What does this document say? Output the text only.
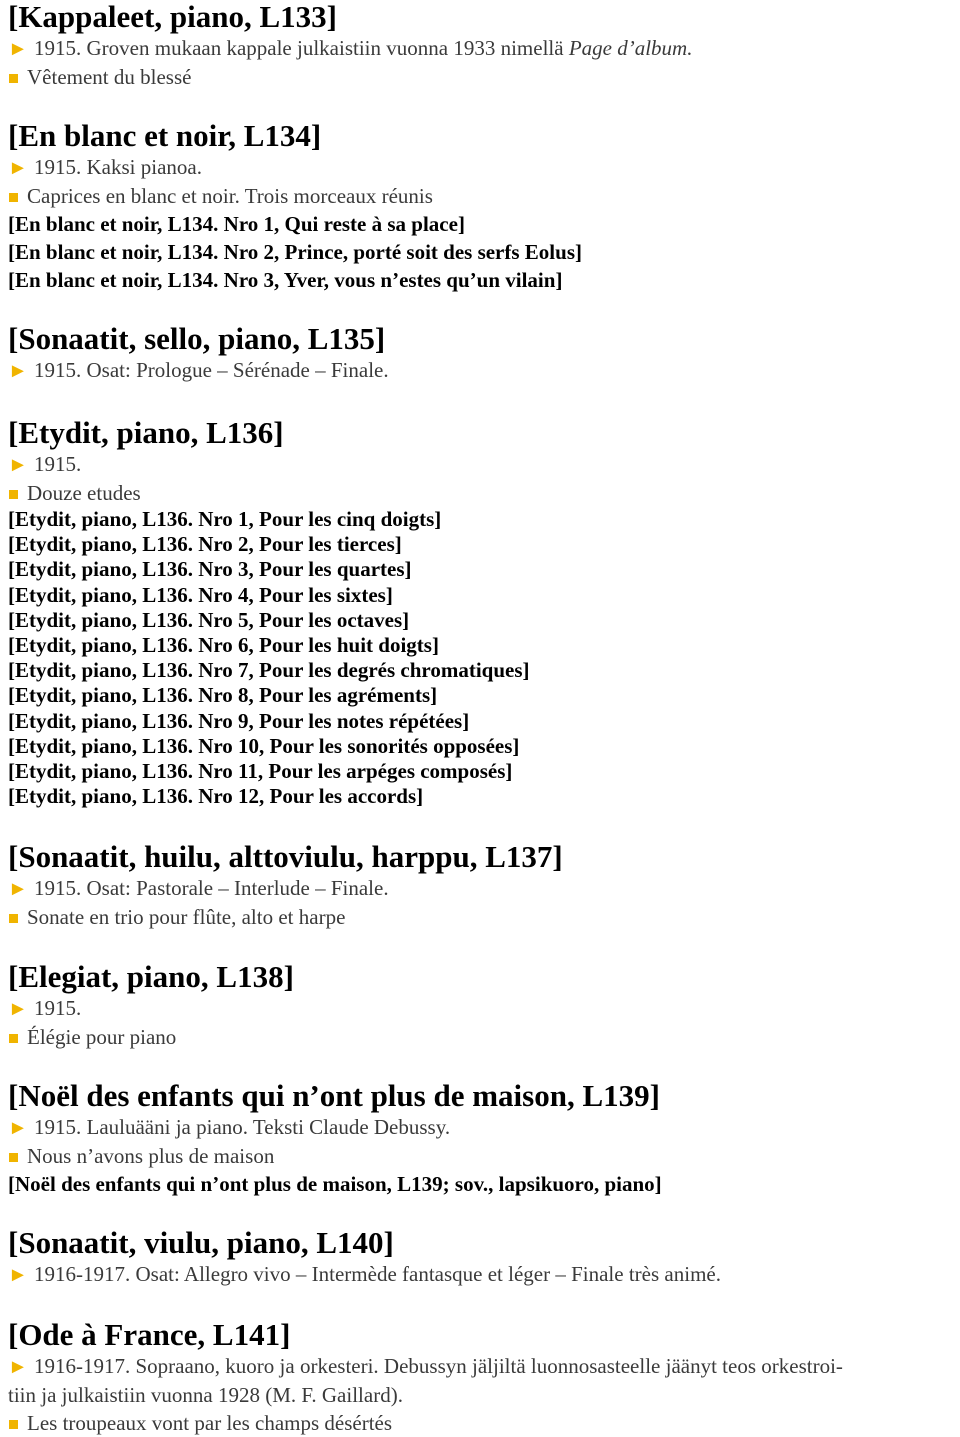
[Kappaleet, piano, L133]
► 1915. Groven mukaan kappale julkaistiin vuonna 1933 nimellä Page d’album.
Vêtement du blessé
[En blanc et noir, L134]
► 1915. Kaksi pianoa.
Caprices en blanc et noir. Trois morceaux réunis
[En blanc et noir, L134. Nro 1, Qui reste à sa place]
[En blanc et noir, L134. Nro 2, Prince, porté soit des serfs Eolus]
[En blanc et noir, L134. Nro 3, Yver, vous n’estes qu’un vilain]
[Sonaatit, sello, piano, L135]
► 1915. Osat: Prologue – Sérénade – Finale.
[Etydit, piano, L136]
► 1915.
Douze etudes
[Etydit, piano, L136. Nro 1, Pour les cinq doigts]
[Etydit, piano, L136. Nro 2, Pour les tierces]
[Etydit, piano, L136. Nro 3, Pour les quartes]
[Etydit, piano, L136. Nro 4, Pour les sixtes]
[Etydit, piano, L136. Nro 5, Pour les octaves]
[Etydit, piano, L136. Nro 6, Pour les huit doigts]
[Etydit, piano, L136. Nro 7, Pour les degrés chromatiques]
[Etydit, piano, L136. Nro 8, Pour les agréments]
[Etydit, piano, L136. Nro 9, Pour les notes répétées]
[Etydit, piano, L136. Nro 10, Pour les sonorités opposées]
[Etydit, piano, L136. Nro 11, Pour les arpéges composés]
[Etydit, piano, L136. Nro 12, Pour les accords]
[Sonaatit, huilu, alttoviulu, harppu, L137]
► 1915. Osat: Pastorale – Interlude – Finale.
Sonate en trio pour flûte, alto et harpe
[Elegiat, piano, L138]
► 1915.
Élégie pour piano
[Noël des enfants qui n’ont plus de maison, L139]
► 1915. Lauluääni ja piano. Teksti Claude Debussy.
Nous n’avons plus de maison
[Noël des enfants qui n’ont plus de maison, L139; sov., lapsikuoro, piano]
[Sonaatit, viulu, piano, L140]
► 1916-1917. Osat: Allegro vivo – Intermède fantasque et léger – Finale très animé.
[Ode à France, L141]
► 1916-1917. Sopraano, kuoro ja orkesteri. Debussyn jäljiltä luonnosasteelle jäänyt teos orkestroi-
tiin ja julkaistiin vuonna 1928 (M. F. Gaillard).
Les troupeaux vont par les champs désértés
